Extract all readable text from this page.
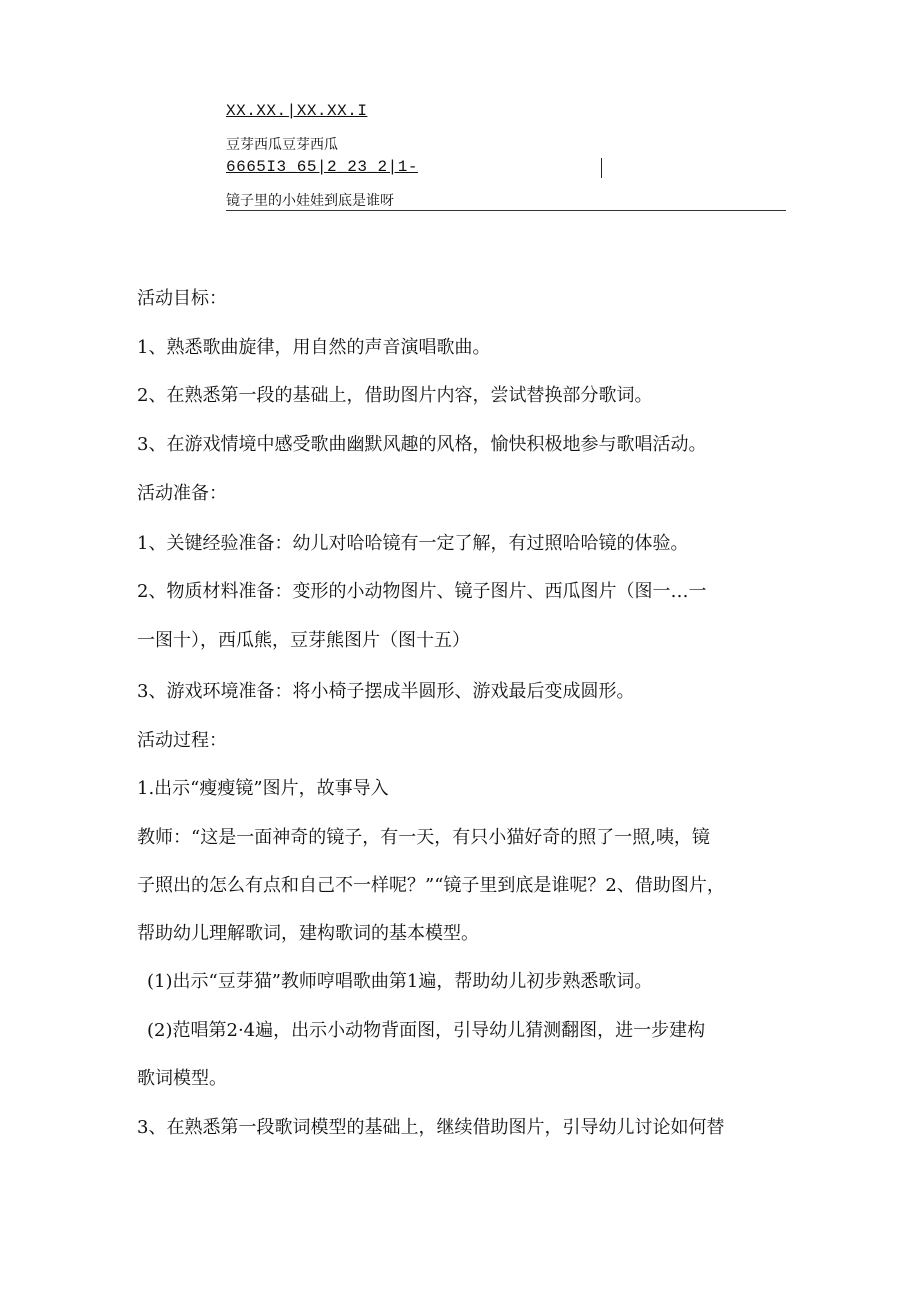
XX.XX.|XX.XX.I
豆芽西瓜豆芽西瓜
6665I3_65|2_23_2|1-
镜子里的小娃娃到底是谁呀
活动目标：
1、熟悉歌曲旋律，用自然的声音演唱歌曲。
2、在熟悉第一段的基础上，借助图片内容，尝试替换部分歌词。
3、在游戏情境中感受歌曲幽默风趣的风格，愉快积极地参与歌唱活动。
活动准备：
1、关键经验准备：幼儿对哈哈镜有一定了解，有过照哈哈镜的体验。
2、物质材料准备：变形的小动物图片、镜子图片、西瓜图片（图一…一
一图十），西瓜熊，豆芽熊图片（图十五）
3、游戏环境准备：将小椅子摆成半圆形、游戏最后变成圆形。
活动过程：
1.出示“瘦瘦镜”图片，故事导入
教师：“这是一面神奇的镜子，有一天，有只小猫好奇的照了一照,咦，镜
子照出的怎么有点和自己不一样呢？”“镜子里到底是谁呢？2、借助图片，
帮助幼儿理解歌词，建构歌词的基本模型。
(1)出示“豆芽猫”教师哼唱歌曲第1遍，帮助幼儿初步熟悉歌词。
(2)范唱第2·4遍，出示小动物背面图，引导幼儿猜测翻图，进一步建构
歌词模型。
3、在熟悉第一段歌词模型的基础上，继续借助图片，引导幼儿讨论如何替
